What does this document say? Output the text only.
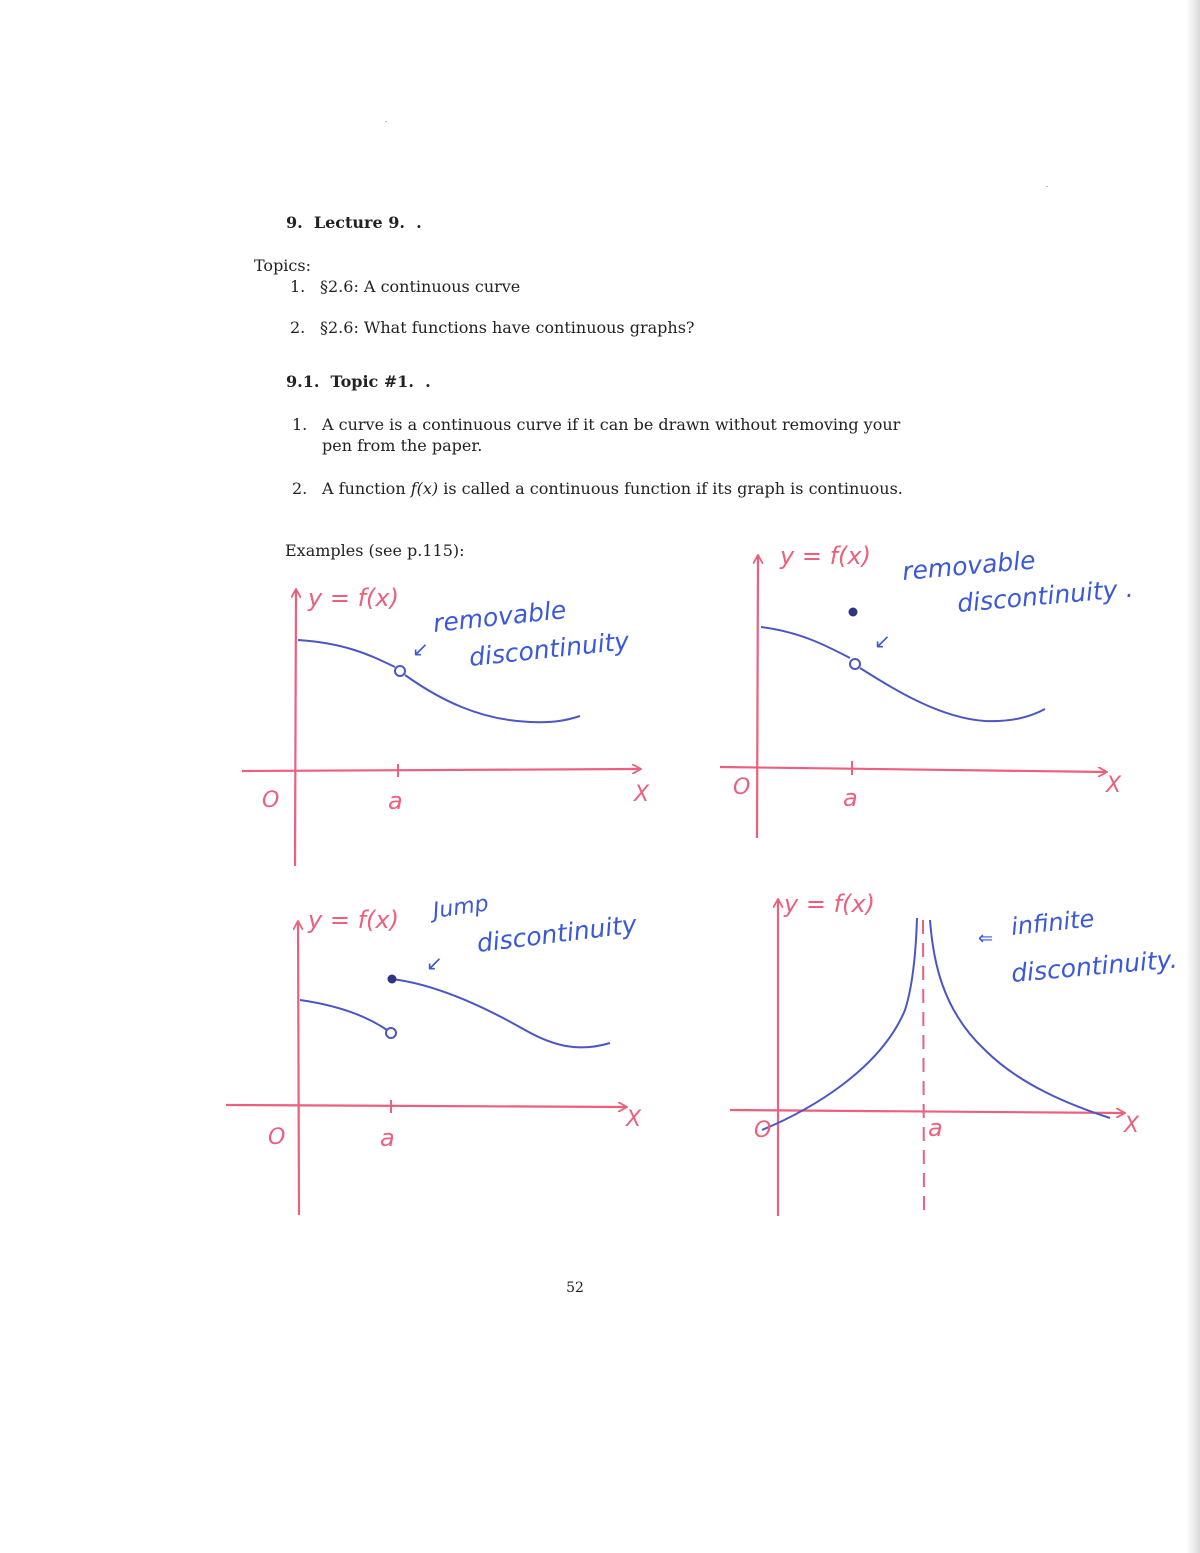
9. Lecture 9. .

Topics:

1. §2.6: A continuous curve
2. §2.6: What functions have continuous graphs?

9.1. Topic #1. .

1. A curve is a continuous curve if it can be drawn without removing your pen from the paper.
2. A function f(x) is called a continuous function if its graph is continuous.

Examples (see p.115):

y = f(x)
O	a	X
↙
removable
discontinuity
y = f(x)
O	a	X
↙
removable
discontinuity .
y = f(x)
O	a
X
↙
Jump
discontinuity
y = f(x)
O	a	X
⇐ infinite
discontinuity.
52
